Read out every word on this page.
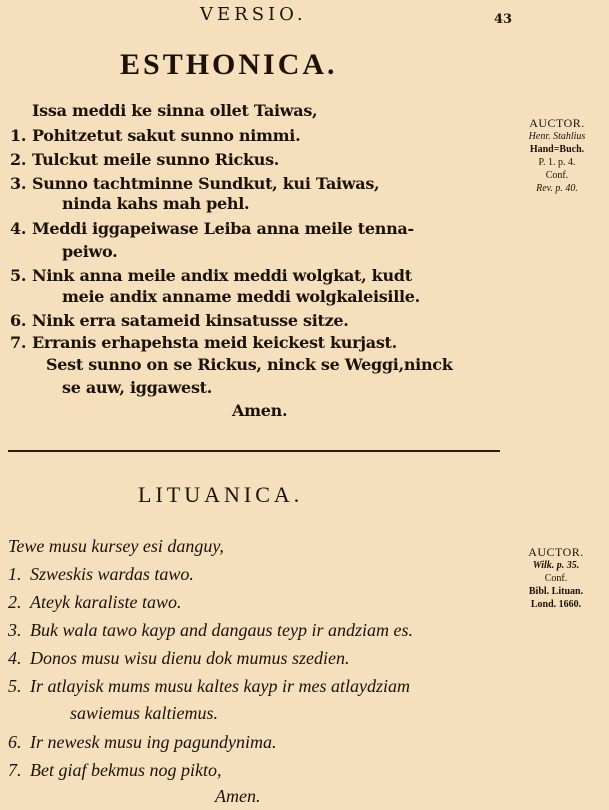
VERSIO.	43
ESTHONICA.
Issa meddi ke sinna ollet Taiwas,
1. Pohitzetut sakut sunno nimmi.
2. Tulckut meile sunno Rickus.
3. Sunno tachtminne Sundkut, kui Taiwas,
ninda kahs mah pehl.
4. Meddi iggapeiwase Leiba anna meile tenna-
peiwo.
5. Nink anna meile andix meddi wolgkat, kudt
meie andix anname meddi wolgkaleisille.
6. Nink erra satameid kinsatusse sitze.
7. Erranis erhapehsta meid keickest kurjast.
Sest sunno on se Rickus, ninck se Weggi,ninck
se auw, iggawest.
Amen.
AUCTOR.
Henr. Stahlius
Hand=Buch.
P. 1. p. 4.
Conf.
Rev. p. 40.
LITUANICA.
Tewe musu kursey esi danguy,
1. Szweskis wardas tawo.
2. Ateyk karaliste tawo.
3. Buk wala tawo kayp and dangaus teyp ir andziam es.
4. Donos musu wisu dienu dok mumus szedien.
5. Ir atlayisk mums musu kaltes kayp ir mes atlaydziam
sawiemus kaltiemus.
6. Ir newesk musu ing pagundynima.
7. Bet giaf bekmus nog pikto,
Amen.
AUCTOR.
Wilk. p. 35.
Conf.
Bibl. Lituan.
Lond. 1660.
